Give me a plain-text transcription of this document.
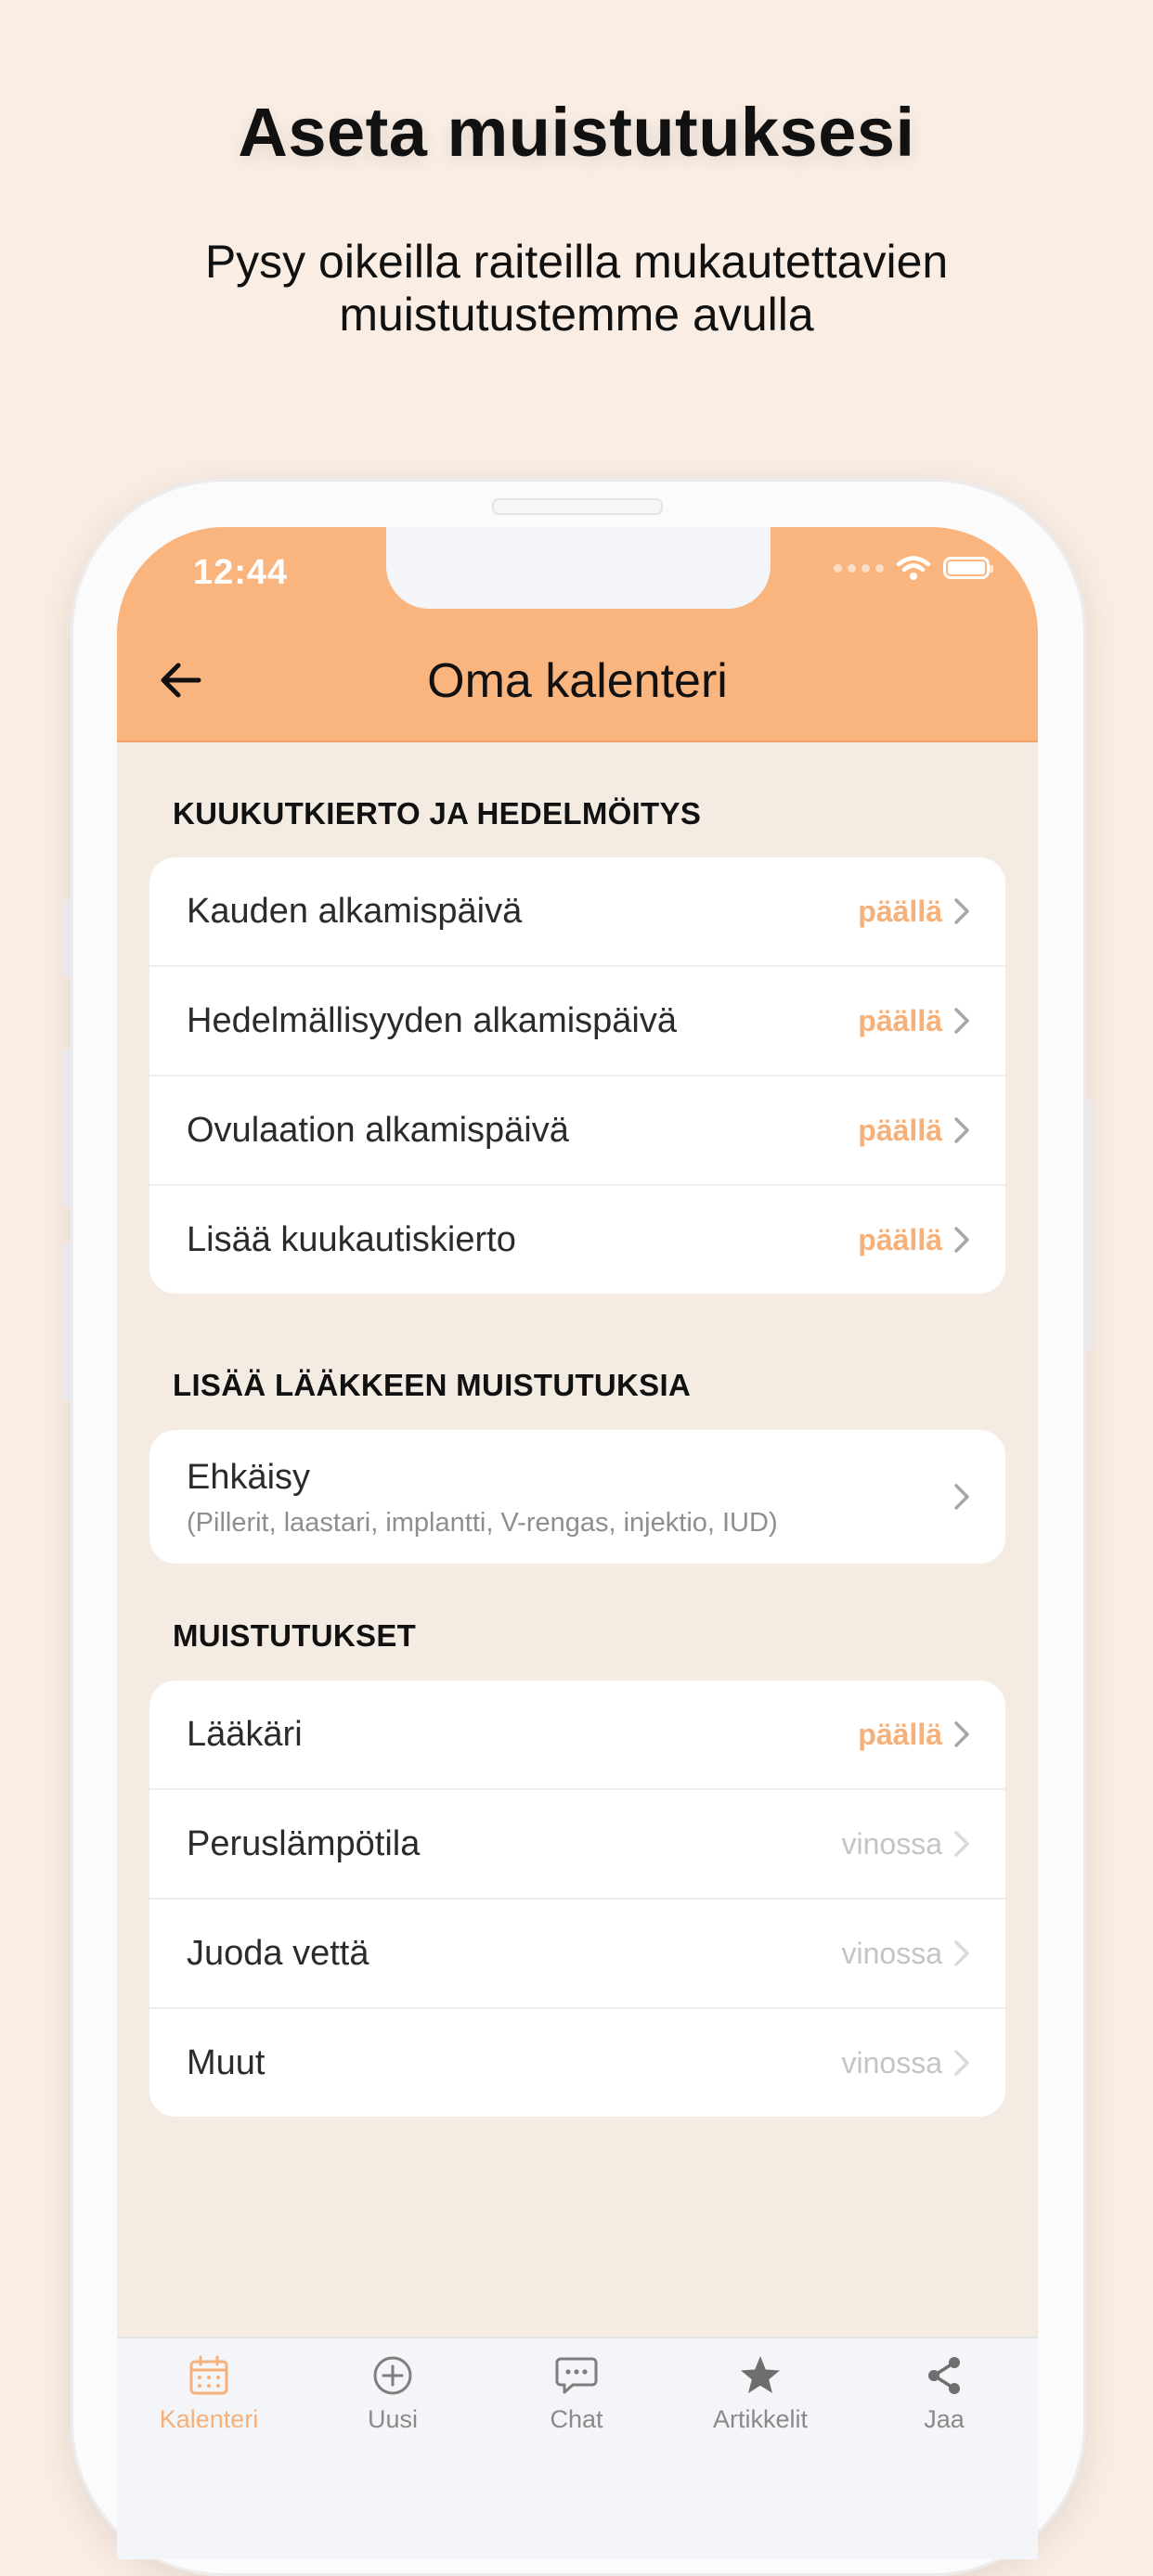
Aseta muistutuksesi
Pysy oikeilla raiteilla mukautettavien muistutustemme avulla
12:44
Oma kalenteri
KUUKUTKIERTO JA HEDELMÖITYS
Kauden alkamispäivä	päällä
Hedelmällisyyden alkamispäivä	päällä
Ovulaation alkamispäivä	päällä
Lisää kuukautiskierto	päällä
LISÄÄ LÄÄKKEEN MUISTUTUKSIA
Ehkäisy
(Pillerit, laastari, implantti, V-rengas, injektio, IUD)
MUISTUTUKSET
Lääkäri	päällä
Peruslämpötila	vinossa
Juoda vettä	vinossa
Muut	vinossa
Kalenteri	Uusi	Chat	Artikkelit	Jaa
